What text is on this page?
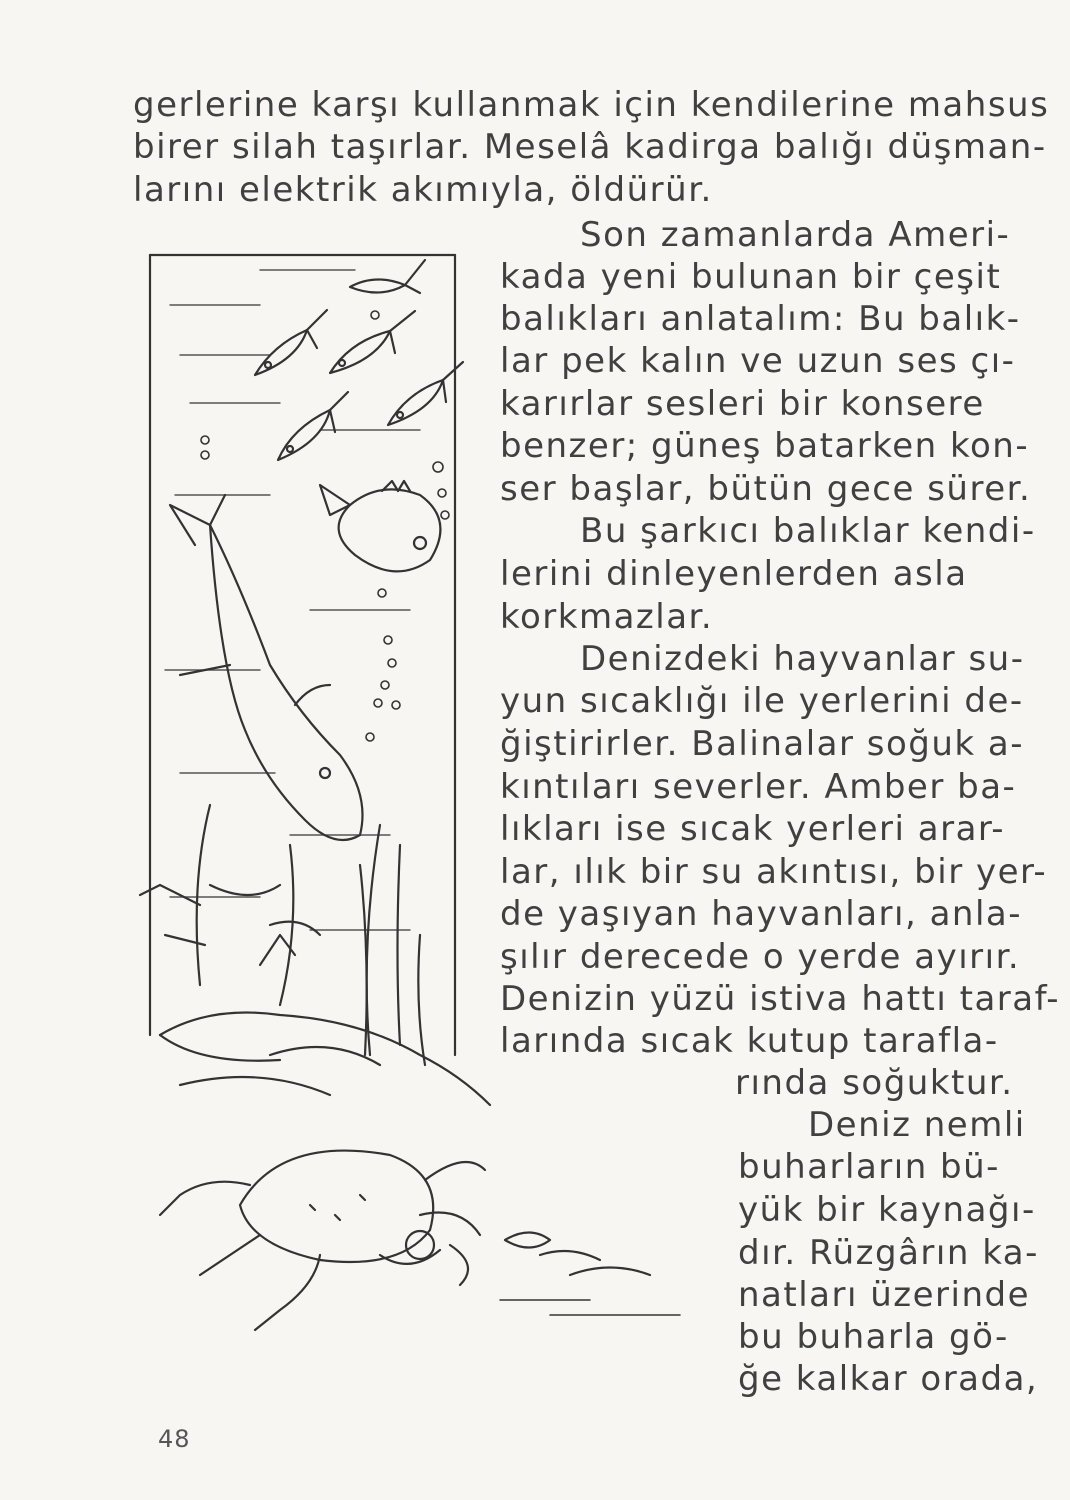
gerlerine karşı kullanmak için kendilerine mahsus
birer silah taşırlar. Meselâ kadirga balığı düşman-
larını elektrik akımıyla, öldürür.
Son zamanlarda Ameri-
kada yeni bulunan bir çeşit
balıkları anlatalım: Bu balık-
lar pek kalın ve uzun ses çı-
karırlar sesleri bir konsere
benzer; güneş batarken kon-
ser başlar, bütün gece sürer.
Bu şarkıcı balıklar kendi-
lerini dinleyenlerden asla
korkmazlar.
Denizdeki hayvanlar su-
yun sıcaklığı ile yerlerini de-
ğiştirirler. Balinalar soğuk a-
kıntıları severler. Amber ba-
lıkları ise sıcak yerleri arar-
lar, ılık bir su akıntısı, bir yer-
de yaşıyan hayvanları, anla-
şılır derecede o yerde ayırır.
Denizin yüzü istiva hattı taraf-
larında sıcak kutup tarafla-
rında soğuktur.
Deniz nemli
buharların bü-
yük bir kaynağı-
dır. Rüzgârın ka-
natları üzerinde
bu buharla gö-
ğe kalkar orada,
48
